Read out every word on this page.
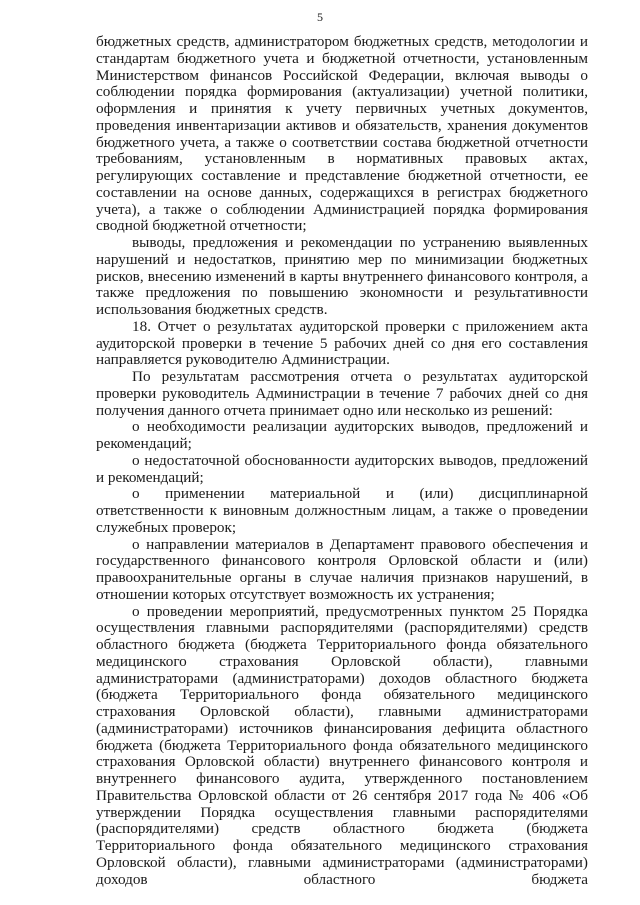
5

бюджетных средств, администратором бюджетных средств, методологии и стандартам бюджетного учета и бюджетной отчетности, установленным Министерством финансов Российской Федерации, включая выводы о соблюдении порядка формирования (актуализации) учетной политики, оформления и принятия к учету первичных учетных документов, проведения инвентаризации активов и обязательств, хранения документов бюджетного учета, а также о соответствии состава бюджетной отчетности требованиям, установленным в нормативных правовых актах, регулирующих составление и представление бюджетной отчетности, ее составлении на основе данных, содержащихся в регистрах бюджетного учета), а также о соблюдении Администрацией порядка формирования сводной бюджетной отчетности;

выводы, предложения и рекомендации по устранению выявленных нарушений и недостатков, принятию мер по минимизации бюджетных рисков, внесению изменений в карты внутреннего финансового контроля, а также предложения по повышению экономности и результативности использования бюджетных средств.

18. Отчет о результатах аудиторской проверки с приложением акта аудиторской проверки в течение 5 рабочих дней со дня его составления направляется руководителю Администрации.

По результатам рассмотрения отчета о результатах аудиторской проверки руководитель Администрации в течение 7 рабочих дней со дня получения данного отчета принимает одно или несколько из решений:

о необходимости реализации аудиторских выводов, предложений и рекомендаций;

о недостаточной обоснованности аудиторских выводов, предложений и рекомендаций;

о применении материальной и (или) дисциплинарной ответственности к виновным должностным лицам, а также о проведении служебных проверок;

о направлении материалов в Департамент правового обеспечения и государственного финансового контроля Орловской области и (или) правоохранительные органы в случае наличия признаков нарушений, в отношении которых отсутствует возможность их устранения;

о проведении мероприятий, предусмотренных пунктом 25 Порядка осуществления главными распорядителями (распорядителями) средств областного бюджета (бюджета Территориального фонда обязательного медицинского страхования Орловской области), главными администраторами (администраторами) доходов областного бюджета (бюджета Территориального фонда обязательного медицинского страхования Орловской области), главными администраторами (администраторами) источников финансирования дефицита областного бюджета (бюджета Территориального фонда обязательного медицинского страхования Орловской области) внутреннего финансового контроля и внутреннего финансового аудита, утвержденного постановлением Правительства Орловской области от 26 сентября 2017 года № 406 «Об утверждении Порядка осуществления главными распорядителями (распорядителями) средств областного бюджета (бюджета Территориального фонда обязательного медицинского страхования Орловской области), главными администраторами (администраторами) доходов областного бюджета
